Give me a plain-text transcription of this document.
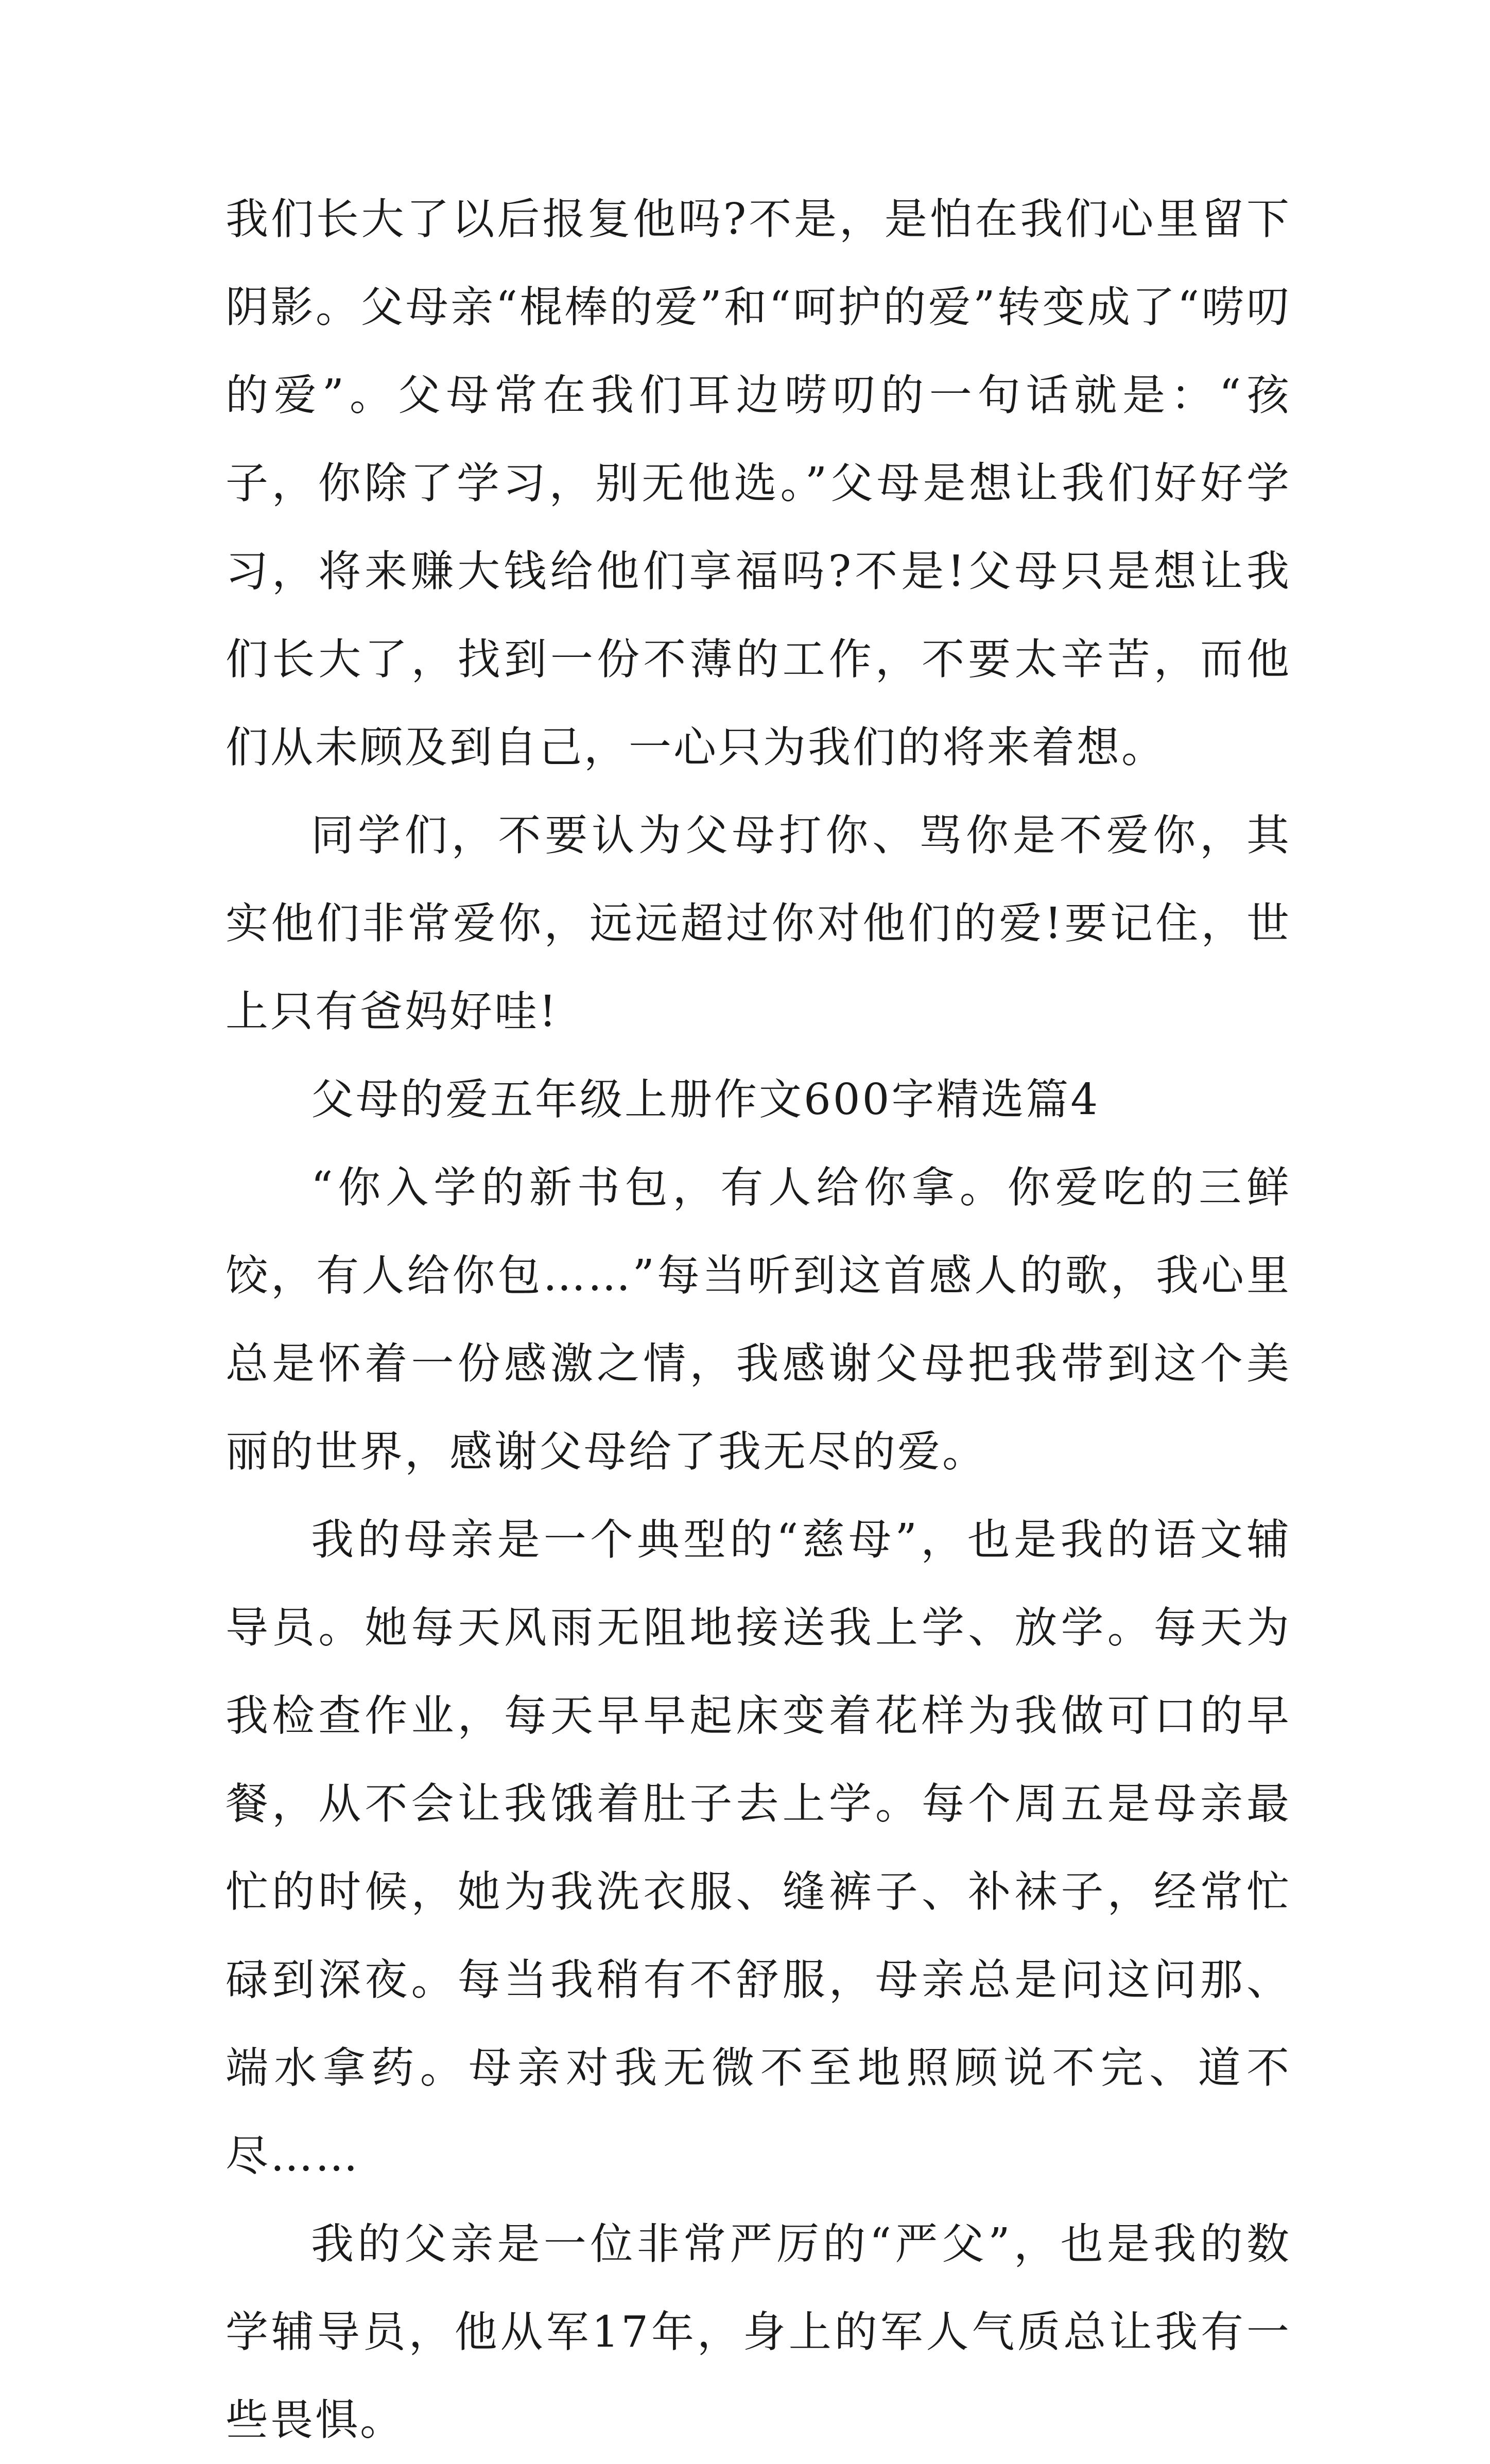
我们长大了以后报复他吗?不是，是怕在我们心里留下阴影。父母亲“棍棒的爱”和“呵护的爱”转变成了“唠叨的爱”。父母常在我们耳边唠叨的一句话就是：“孩子，你除了学习，别无他选。”父母是想让我们好好学习，将来赚大钱给他们享福吗?不是!父母只是想让我们长大了，找到一份不薄的工作，不要太辛苦，而他们从未顾及到自己，一心只为我们的将来着想。

同学们，不要认为父母打你、骂你是不爱你，其实他们非常爱你，远远超过你对他们的爱!要记住，世上只有爸妈好哇!

父母的爱五年级上册作文600字精选篇4

“你入学的新书包，有人给你拿。你爱吃的三鲜饺，有人给你包……”每当听到这首感人的歌，我心里总是怀着一份感激之情，我感谢父母把我带到这个美丽的世界，感谢父母给了我无尽的爱。

我的母亲是一个典型的“慈母”，也是我的语文辅导员。她每天风雨无阻地接送我上学、放学。每天为我检查作业，每天早早起床变着花样为我做可口的早餐，从不会让我饿着肚子去上学。每个周五是母亲最忙的时候，她为我洗衣服、缝裤子、补袜子，经常忙碌到深夜。每当我稍有不舒服，母亲总是问这问那、端水拿药。母亲对我无微不至地照顾说不完、道不尽……

我的父亲是一位非常严厉的“严父”，也是我的数学辅导员，他从军17年，身上的军人气质总让我有一些畏惧。
